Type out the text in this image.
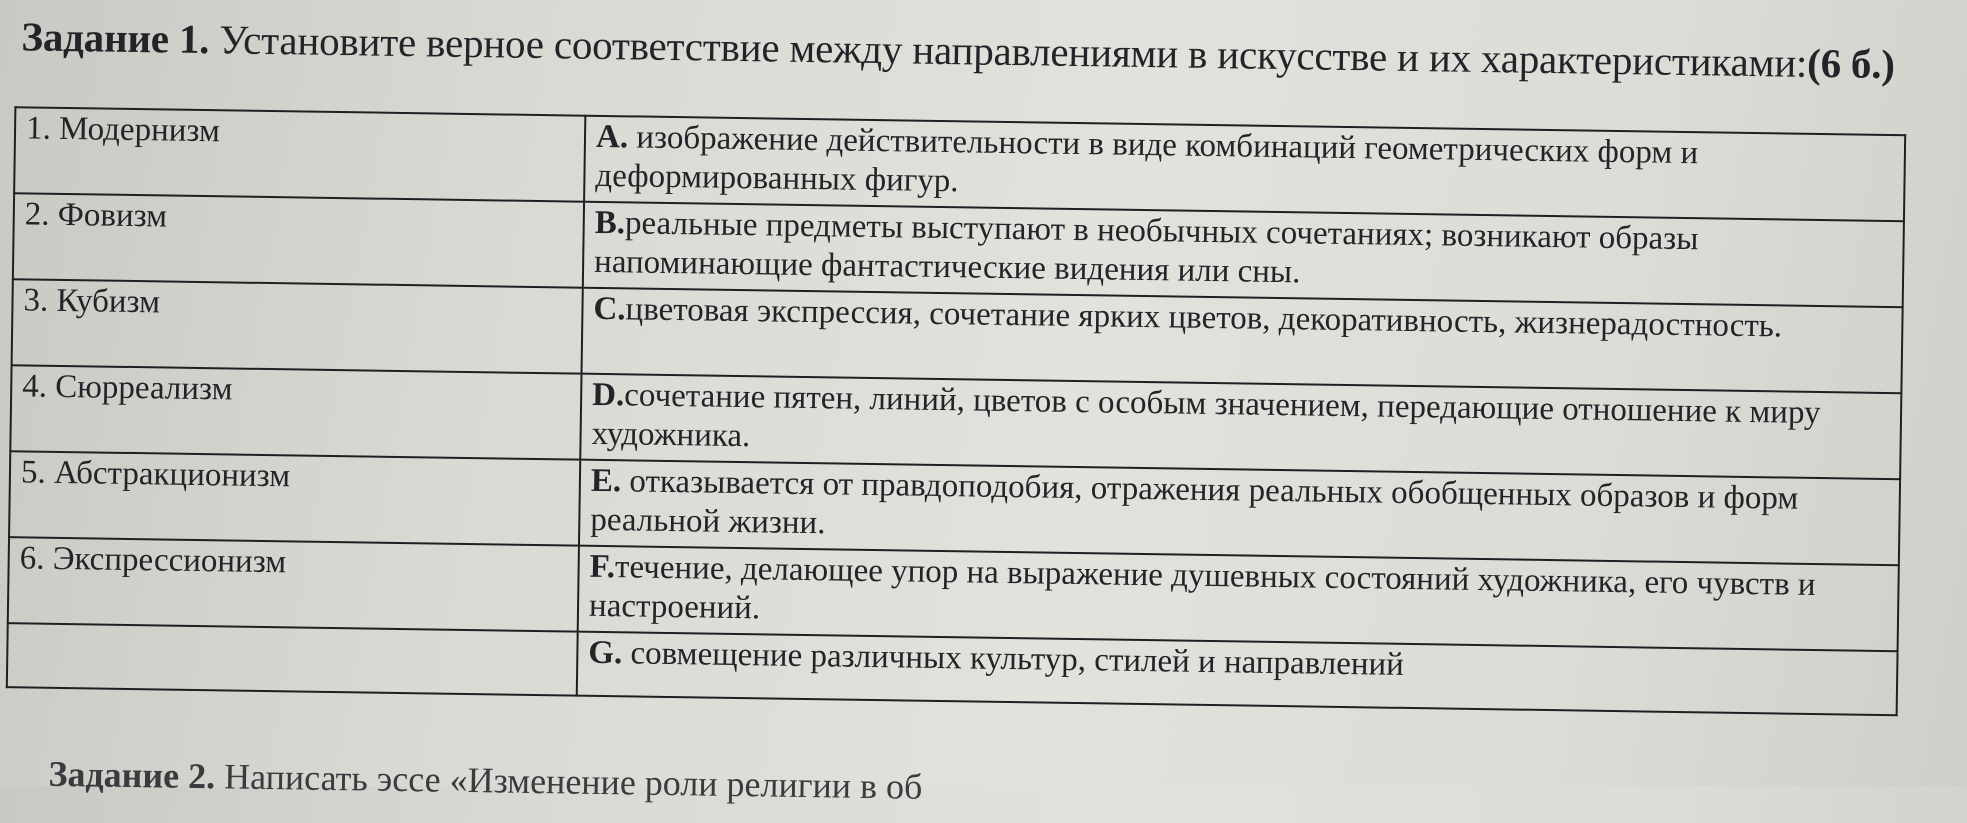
Задание 1. Установите верное соответствие между направлениями в искусстве и их характеристиками:(6 б.)
1. Модернизм	А. изображение действительности в виде комбинаций геометрических форм и деформированных фигур.
2. Фовизм	В.реальные предметы выступают в необычных сочетаниях; возникают образы напоминающие фантастические видения или сны.
3. Кубизм	С.цветовая экспрессия, сочетание ярких цветов, декоративность, жизнерадостность.
4. Сюрреализм	D.сочетание пятен, линий, цветов с особым значением, передающие отношение к миру художника.
5. Абстракционизм	Е. отказывается от правдоподобия, отражения реальных обобщенных образов и форм реальной жизни.
6. Экспрессионизм	F.течение, делающее упор на выражение душевных состояний художника, его чувств и настроений.
	G. совмещение различных культур, стилей и направлений
Задание 2. Написать эссе «Изменение роли религии в об
